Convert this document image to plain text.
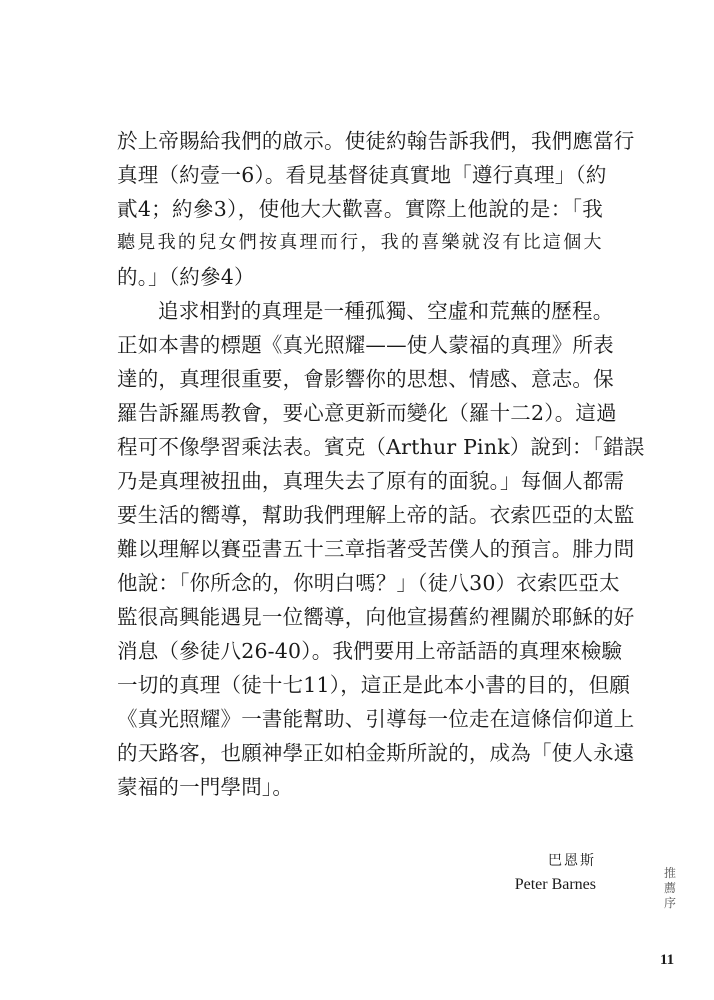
於上帝賜給我們的啟示。使徒約翰告訴我們，我們應當行
真理（約壹一6）。看見基督徒真實地「遵行真理」（約
貳4；約參3），使他大大歡喜。實際上他說的是：「我
聽見我的兒女們按真理而行，我的喜樂就沒有比這個大
的。」（約參4）
追求相對的真理是一種孤獨、空虛和荒蕪的歷程。
正如本書的標題《真光照耀——使人蒙福的真理》所表
達的，真理很重要，會影響你的思想、情感、意志。保
羅告訴羅馬教會，要心意更新而變化（羅十二2）。這過
程可不像學習乘法表。賓克（Arthur Pink）說到：「錯誤
乃是真理被扭曲，真理失去了原有的面貌。」每個人都需
要生活的嚮導，幫助我們理解上帝的話。衣索匹亞的太監
難以理解以賽亞書五十三章指著受苦僕人的預言。腓力問
他說：「你所念的，你明白嗎？」（徒八30）衣索匹亞太
監很高興能遇見一位嚮導，向他宣揚舊約裡關於耶穌的好
消息（參徒八26-40）。我們要用上帝話語的真理來檢驗
一切的真理（徒十七11），這正是此本小書的目的，但願
《真光照耀》一書能幫助、引導每一位走在這條信仰道上
的天路客，也願神學正如柏金斯所說的，成為「使人永遠
蒙福的一門學問」。
巴恩斯
Peter Barnes
推薦序
11
